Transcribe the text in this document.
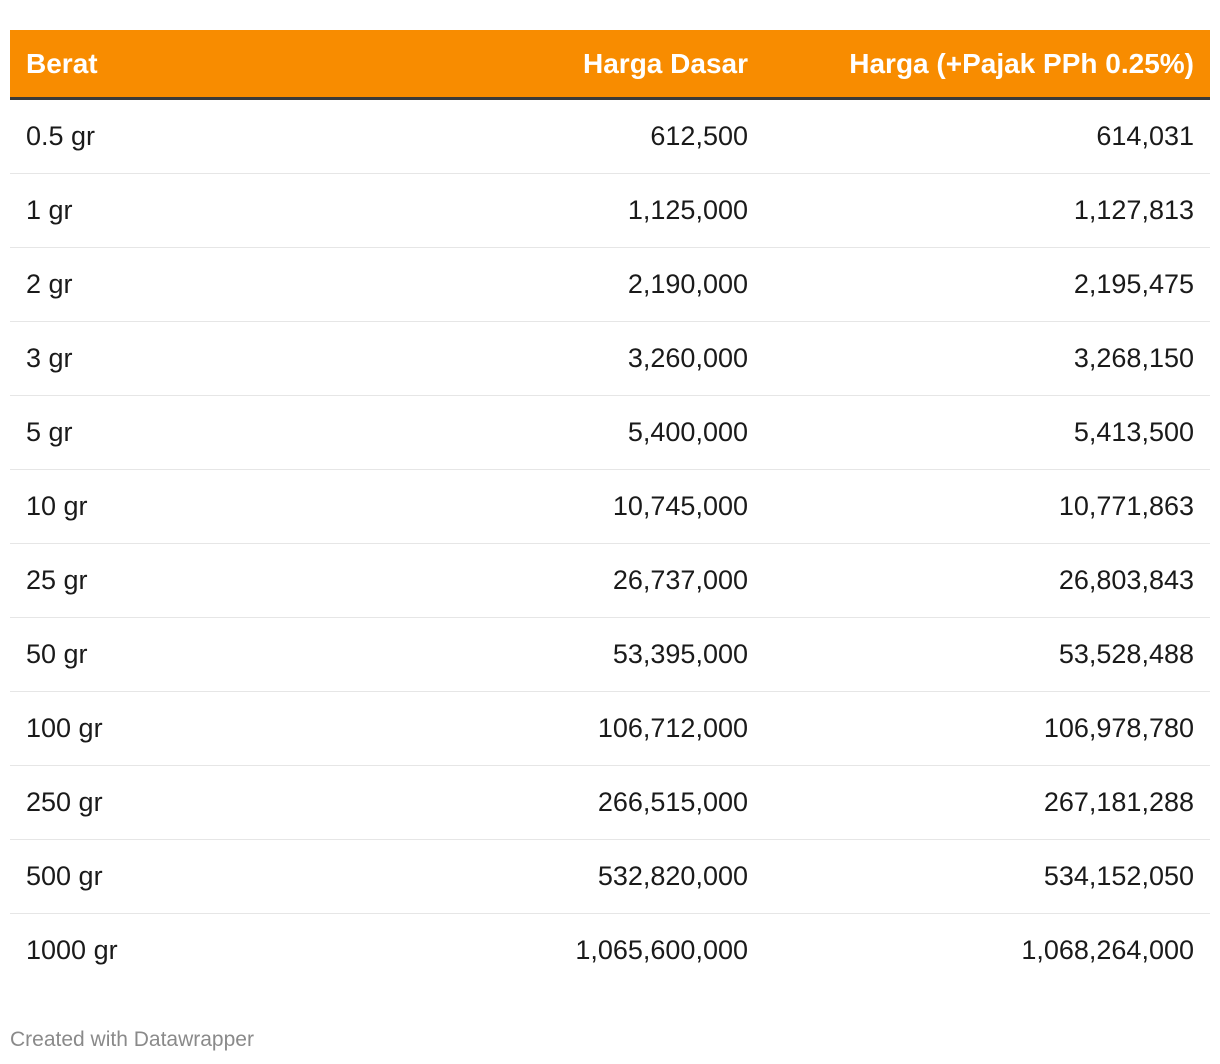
Berat	Harga Dasar	Harga (+Pajak PPh 0.25%)
0.5 gr	612,500	614,031
1 gr	1,125,000	1,127,813
2 gr	2,190,000	2,195,475
3 gr	3,260,000	3,268,150
5 gr	5,400,000	5,413,500
10 gr	10,745,000	10,771,863
25 gr	26,737,000	26,803,843
50 gr	53,395,000	53,528,488
100 gr	106,712,000	106,978,780
250 gr	266,515,000	267,181,288
500 gr	532,820,000	534,152,050
1000 gr	1,065,600,000	1,068,264,000
Created with Datawrapper
